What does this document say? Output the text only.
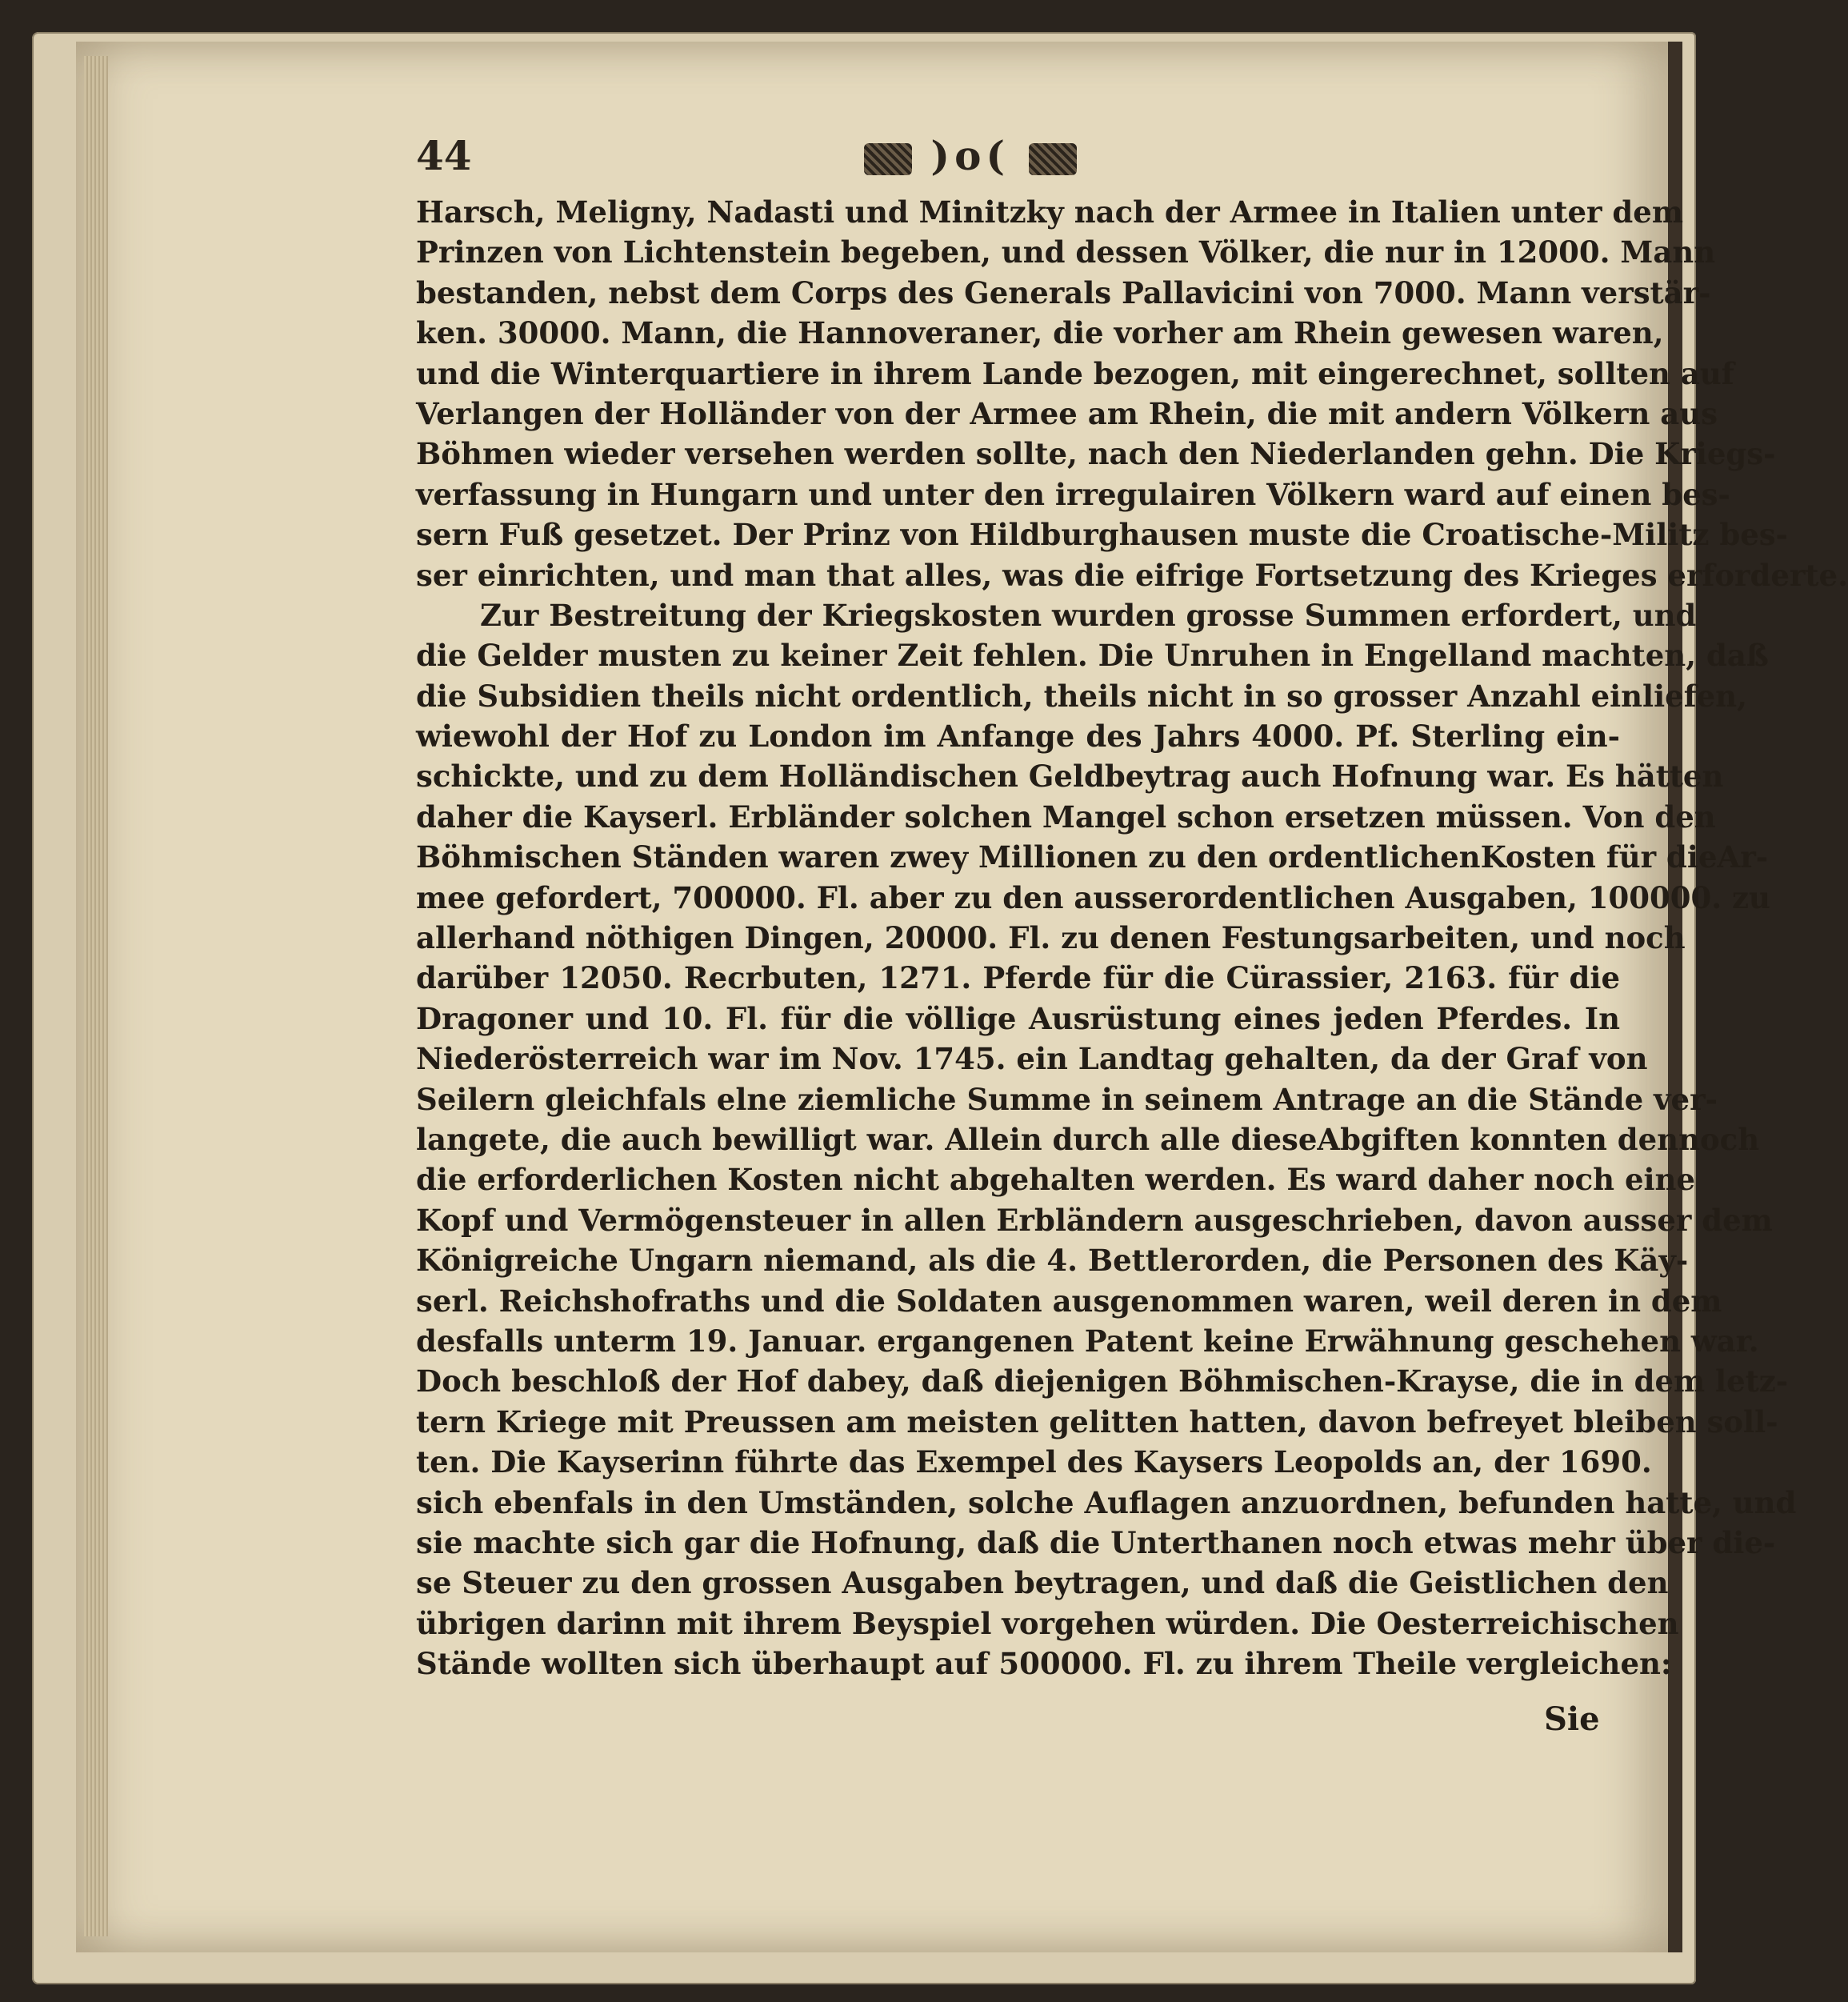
44	)o(
Harsch, Meligny, Nadasti und Minitzky nach der Armee in Italien unter dem
Prinzen von Lichtenstein begeben, und dessen Völker, die nur in 12000. Mann
bestanden, nebst dem Corps des Generals Pallavicini von 7000. Mann verstär-
ken. 30000. Mann, die Hannoveraner, die vorher am Rhein gewesen waren,
und die Winterquartiere in ihrem Lande bezogen, mit eingerechnet, sollten auf
Verlangen der Holländer von der Armee am Rhein, die mit andern Völkern aus
Böhmen wieder versehen werden sollte, nach den Niederlanden gehn. Die Kriegs-
verfassung in Hungarn und unter den irregulairen Völkern ward auf einen bes-
sern Fuß gesetzet. Der Prinz von Hildburghausen muste die Croatische-Militz bes-
ser einrichten, und man that alles, was die eifrige Fortsetzung des Krieges erforderte.
Zur Bestreitung der Kriegskosten wurden grosse Summen erfordert, und
die Gelder musten zu keiner Zeit fehlen. Die Unruhen in Engelland machten, daß
die Subsidien theils nicht ordentlich, theils nicht in so grosser Anzahl einliefen,
wiewohl der Hof zu London im Anfange des Jahrs 4000. Pf. Sterling ein-
schickte, und zu dem Holländischen Geldbeytrag auch Hofnung war. Es hätten
daher die Kayserl. Erbländer solchen Mangel schon ersetzen müssen. Von den
Böhmischen Ständen waren zwey Millionen zu den ordentlichenKosten für dieAr-
mee gefordert, 700000. Fl. aber zu den ausserordentlichen Ausgaben, 100000. zu
allerhand nöthigen Dingen, 20000. Fl. zu denen Festungsarbeiten, und noch
darüber 12050. Recrbuten, 1271. Pferde für die Cürassier, 2163. für die
Dragoner und 10. Fl. für die völlige Ausrüstung eines jeden Pferdes. In
Niederösterreich war im Nov. 1745. ein Landtag gehalten, da der Graf von
Seilern gleichfals elne ziemliche Summe in seinem Antrage an die Stände ver-
langete, die auch bewilligt war. Allein durch alle dieseAbgiften konnten dennoch
die erforderlichen Kosten nicht abgehalten werden. Es ward daher noch eine
Kopf und Vermögensteuer in allen Erbländern ausgeschrieben, davon ausser dem
Königreiche Ungarn niemand, als die 4. Bettlerorden, die Personen des Käy-
serl. Reichshofraths und die Soldaten ausgenommen waren, weil deren in dem
desfalls unterm 19. Januar. ergangenen Patent keine Erwähnung geschehen war.
Doch beschloß der Hof dabey, daß diejenigen Böhmischen-Krayse, die in dem letz-
tern Kriege mit Preussen am meisten gelitten hatten, davon befreyet bleiben soll-
ten. Die Kayserinn führte das Exempel des Kaysers Leopolds an, der 1690.
sich ebenfals in den Umständen, solche Auflagen anzuordnen, befunden hatte, und
sie machte sich gar die Hofnung, daß die Unterthanen noch etwas mehr über die-
se Steuer zu den grossen Ausgaben beytragen, und daß die Geistlichen den
übrigen darinn mit ihrem Beyspiel vorgehen würden. Die Oesterreichischen
Stände wollten sich überhaupt auf 500000. Fl. zu ihrem Theile vergleichen:
Sie
